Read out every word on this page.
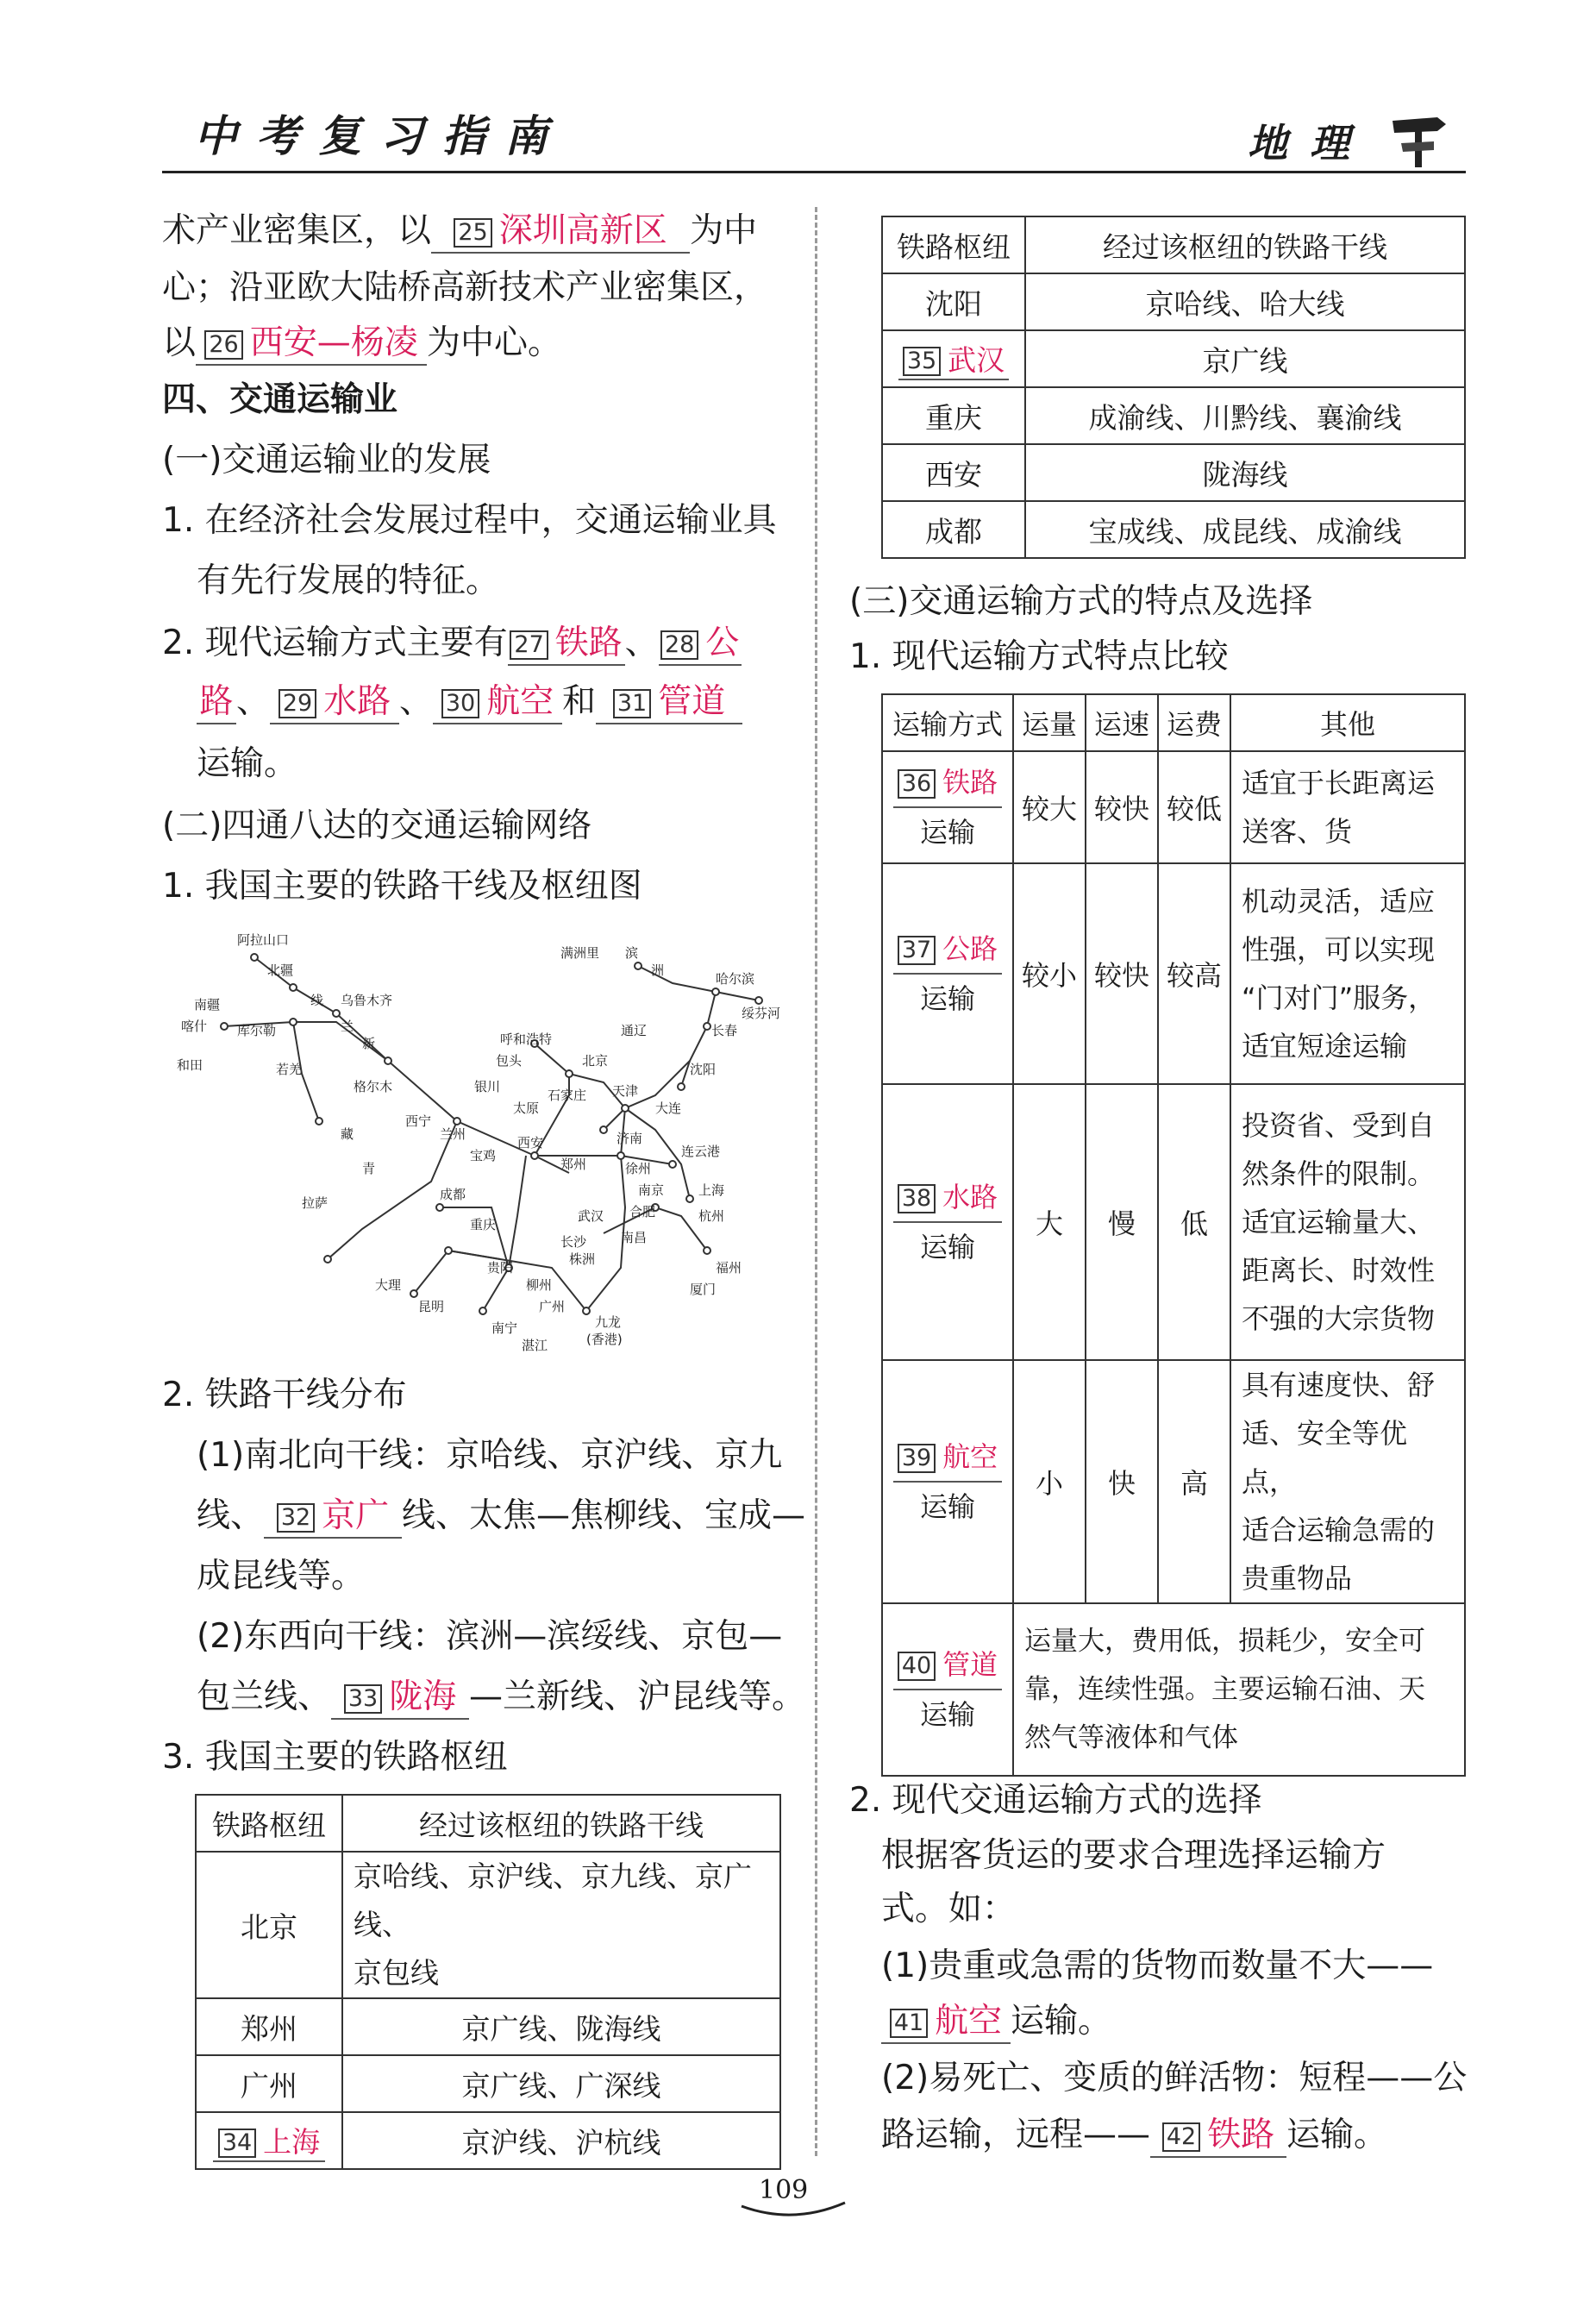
中考复习指南	地理
术产业密集区，以 25 深圳高新区 为中
心；沿亚欧大陆桥高新技术产业密集区，
以 26 西安—杨凌 为中心。
四、交通运输业
(一)交通运输业的发展
1. 在经济社会发展过程中，交通运输业具
有先行发展的特征。
2. 现代运输方式主要有 27 铁路、 28 公
路、 29 水路 、 30 航空 和 31 管道
运输。
(二)四通八达的交通运输网络
1. 我国主要的铁路干线及枢纽图
阿拉山口
北疆
线 乌鲁木齐
南疆
喀什 库尔勒
和田	若羌
兰
新
格尔木
藏
青
拉萨
满洲里 滨
洲
哈尔滨
绥芬河
通辽	长春
沈阳
大连
呼和浩特
包头	北京
天津
济南
银川
太原
石家庄
兰州
西宁
西安
郑州
连云港
徐州
南京	上海
杭州
合肥
武汉
成都
重庆
长沙
株洲
南昌
福州
厦门
贵阳
昆明
大理	柳州
广州
南宁
湛江
九龙
(香港)
宝鸡
2. 铁路干线分布
(1)南北向干线：京哈线、京沪线、京九
线、 32 京广 线、太焦—焦柳线、宝成—
成昆线等。
(2)东西向干线：滨洲—滨绥线、京包—
包兰线、 33 陇海 —兰新线、沪昆线等。
3. 我国主要的铁路枢纽
铁路枢纽	经过该枢纽的铁路干线
北京	京哈线、京沪线、京九线、京广线、
京包线
郑州	京广线、陇海线
广州	京广线、广深线
34 上海	京沪线、沪杭线
铁路枢纽	经过该枢纽的铁路干线
沈阳	京哈线、哈大线
35 武汉	京广线
重庆	成渝线、川黔线、襄渝线
西安	陇海线
成都	宝成线、成昆线、成渝线
(三)交通运输方式的特点及选择
1. 现代运输方式特点比较
运输方式	运量	运速	运费	其他
36 铁路
运输	较大	较快	较低	适宜于长距离运
送客、货
37 公路
运输	较小	较快	较高	机动灵活，适应
性强，可以实现
“门对门”服务，
适宜短途运输
38 水路
运输	大	慢	低	投资省、受到自
然条件的限制。
适宜运输量大、
距离长、时效性
不强的大宗货物
39 航空
运输	小	快	高	具有速度快、舒
适、安全等优点，
适合运输急需的
贵重物品
40 管道
运输	运量大，费用低，损耗少，安全可
靠，连续性强。主要运输石油、天
然气等液体和气体			
2. 现代交通运输方式的选择
根据客货运的要求合理选择运输方
式。如：
(1)贵重或急需的货物而数量不大——
41 航空 运输。
(2)易死亡、变质的鲜活物：短程——公
路运输，远程—— 42 铁路 运输。
109
